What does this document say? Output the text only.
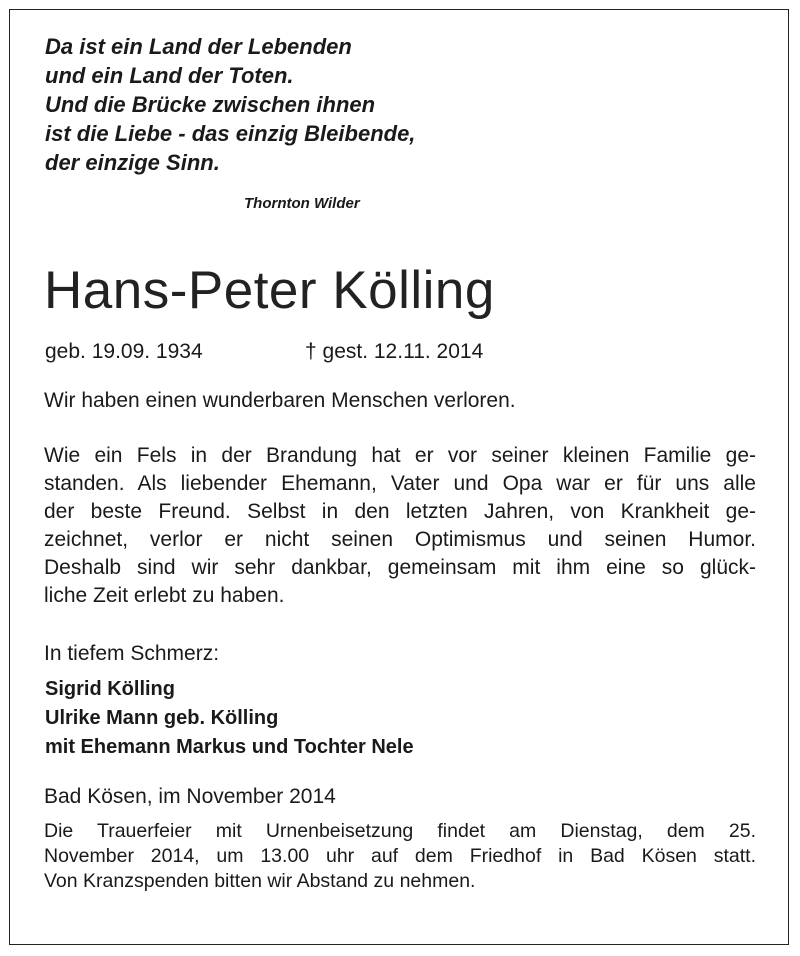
Da ist ein Land der Lebenden
und ein Land der Toten.
Und die Brücke zwischen ihnen
ist die Liebe - das einzig Bleibende,
der einzige Sinn.
Thornton Wilder
Hans-Peter Kölling
geb. 19.09. 1934	† gest. 12.11. 2014
Wir haben einen wunderbaren Menschen verloren.
Wie ein Fels in der Brandung hat er vor seiner kleinen Familie ge-
standen. Als liebender Ehemann, Vater und Opa war er für uns alle
der beste Freund. Selbst in den letzten Jahren, von Krankheit ge-
zeichnet, verlor er nicht seinen Optimismus und seinen Humor.
Deshalb sind wir sehr dankbar, gemeinsam mit ihm eine so glück-
liche Zeit erlebt zu haben.
In tiefem Schmerz:
Sigrid Kölling
Ulrike Mann geb. Kölling
mit Ehemann Markus und Tochter Nele
Bad Kösen, im November 2014
Die Trauerfeier mit Urnenbeisetzung findet am Dienstag, dem 25.
November 2014, um 13.00 uhr auf dem Friedhof in Bad Kösen statt.
Von Kranzspenden bitten wir Abstand zu nehmen.
